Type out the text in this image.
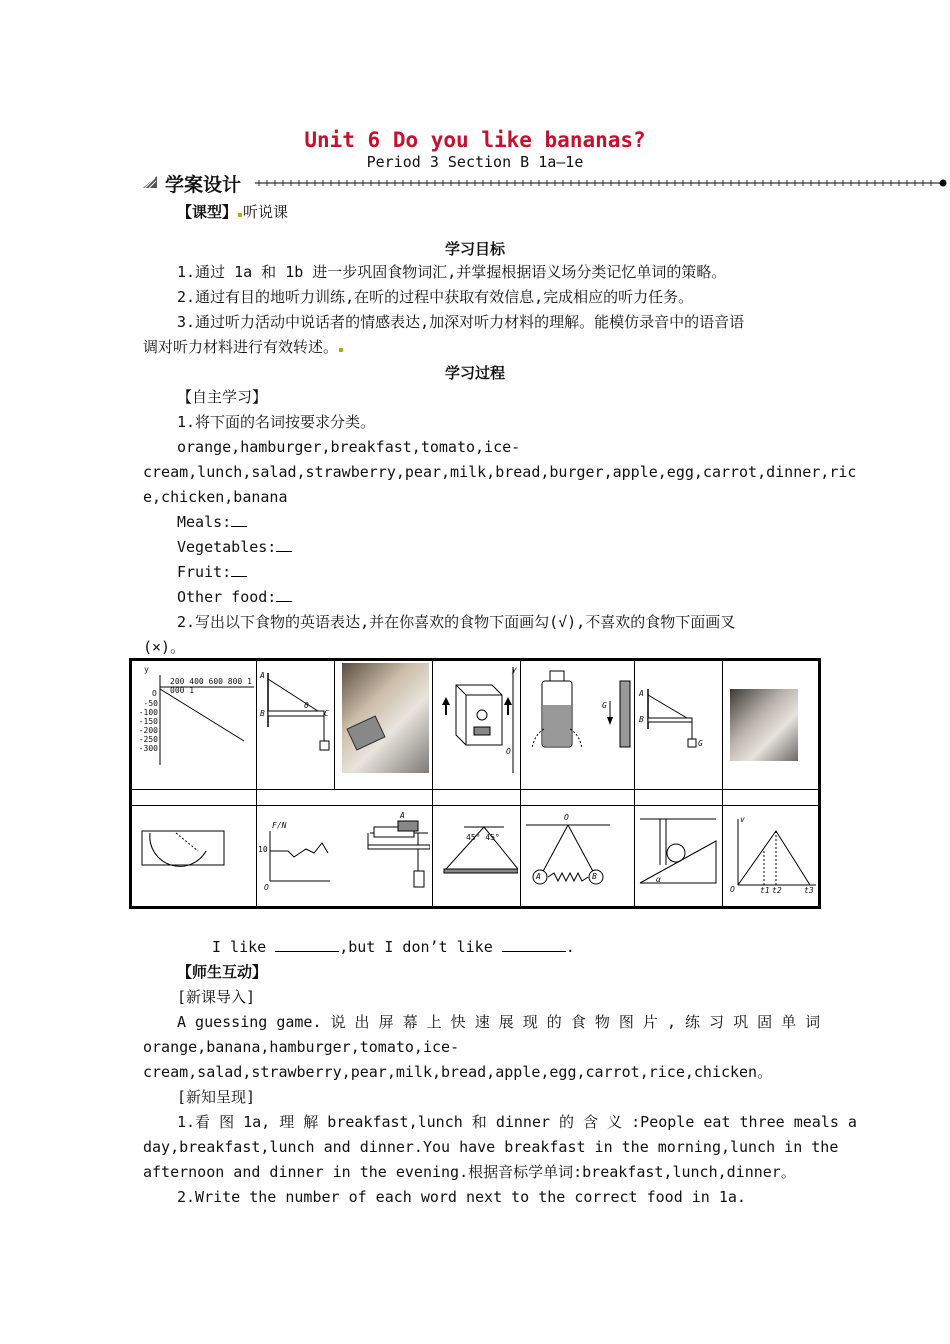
Unit 6 Do you like bananas?
Period 3 Section B 1a—1e
学案设计
【课型】 听说课
学习目标
1.通过 1a 和 1b 进一步巩固食物词汇,并掌握根据语义场分类记忆单词的策略。
2.通过有目的地听力训练,在听的过程中获取有效信息,完成相应的听力任务。
3.通过听力活动中说话者的情感表达,加深对听力材料的理解。能模仿录音中的语音语
调对听力材料进行有效转述。
学习过程
【自主学习】
1.将下面的名词按要求分类。
orange,hamburger,breakfast,tomato,ice-
cream,lunch,salad,strawberry,pear,milk,bread,burger,apple,egg,carrot,dinner,ric
e,chicken,banana
Meals:
Vegetables:
Fruit:
Other food:
2.写出以下食物的英语表达,并在你喜欢的食物下面画勾(√),不喜欢的食物下面画叉
(×)。
y
200 400 600 800 1 000 1
O
-50
-100
-150
-200
-250
-300
A
B
θ
C
O
y
G
A
B
G
F/N
10
O
A
45° 45°
O
A	B	α
v
O	t1 t2	t3
I like	,but I don’t like	.
【师生互动】
[新课导入]
A guessing game. 说 出 屏 幕 上 快 速 展 现 的 食 物 图 片 , 练 习 巩 固 单 词
orange,banana,hamburger,tomato,ice-
cream,salad,strawberry,pear,milk,bread,apple,egg,carrot,rice,chicken。
[新知呈现]
1.看 图 1a, 理 解 breakfast,lunch 和 dinner 的 含 义 :People eat three meals a
day,breakfast,lunch and dinner.You have breakfast in the morning,lunch in the
afternoon and dinner in the evening.根据音标学单词:breakfast,lunch,dinner。
2.Write the number of each word next to the correct food in 1a.
